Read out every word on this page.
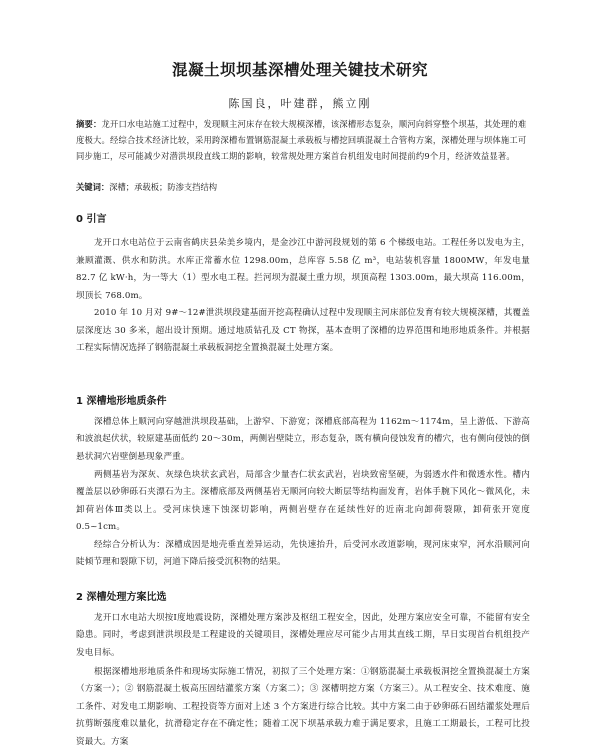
混凝土坝坝基深槽处理关键技术研究
陈国良，叶建群，熊立刚
摘要：龙开口水电站施工过程中，发现顺主河床存在较大规模深槽，该深槽形态复杂，顺河向斜穿整个坝基，其处理的难度极大。经综合技术经济比较，采用跨深槽布置钢筋混凝土承载板与槽挖回填混凝土合管构方案，深槽处理与坝体施工可同步施工，尽可能减少对潜洪坝段直线工期的影响，较常规处理方案首台机组发电时间提前约9个月，经济效益显著。
关键词：深槽；承载板；防渗支挡结构
0 引言
龙开口水电站位于云南省鹤庆县朵美乡境内，是金沙江中游河段规划的第 6 个梯级电站。工程任务以发电为主，兼顾灌溉、供水和防洪。水库正常蓄水位 1298.00m，总库容 5.58 亿 m³，电站装机容量 1800MW，年发电量 82.7 亿 kW·h，为一等大（1）型水电工程。拦河坝为混凝土重力坝，坝顶高程 1303.00m，最大坝高 116.00m，坝顶长 768.0m。
2010 年 10 月对 9#～12#泄洪坝段建基面开挖高程确认过程中发现顺主河床部位发育有较大规模深槽，其覆盖层深度达 30 多米，超出设计预期。通过地质钻孔及 CT 物探，基本查明了深槽的边界范围和地形地质条件。并根据工程实际情况选择了钢筋混凝土承载板洞挖全置换混凝土处理方案。
1 深槽地形地质条件
深槽总体上顺河向穿越泄洪坝段基础，上游窄、下游宽；深槽底部高程为 1162m～1174m，呈上游低、下游高和波浪起伏状，较原建基面低约 20～30m，两侧岩壁陡立，形态复杂，既有横向侵蚀发育的槽穴，也有侧向侵蚀的倒悬状洞穴岩壁倒悬现象严重。
两侧基岩为深灰、灰绿色块状玄武岩，局部含少量杏仁状玄武岩，岩块致密坚硬，为弱透水件和微透水性。槽内覆盖层以砂卵砾石夹漂石为主。深槽底部及两侧基岩无顺河向较大断层等结构面发育，岩体手腕下风化～微风化，未卸荷岩体Ⅲ类以上。受河床快速下蚀深切影响，两侧岩壁存在延续性好的近南北向卸荷裂隙，卸荷张开宽度 0.5~1cm。
经综合分析认为：深槽成因是地壳垂直差异运动，先快速抬升，后受河水改道影响，现河床束窄，河水沿顺河向陡倾节理和裂隙下切，河道下降后接受沉积物的结果。
2 深槽处理方案比选
龙开口水电站大坝按Ⅰ度地震设防，深槽处理方案涉及枢纽工程安全，因此，处理方案应安全可靠，不能留有安全隐患。同时，考虑到泄洪坝段是工程建设的关键项目，深槽处理应尽可能少占用其直线工期，早日实现首台机组投产发电目标。
根据深槽地形地质条件和现场实际施工情况，初拟了三个处理方案：①钢筋混凝土承载板洞挖全置换混凝土方案（方案一）；② 钢筋混凝土板高压固结灌浆方案（方案二）；③ 深槽明挖方案（方案三）。从工程安全、技术难度、施工条件、对发电工期影响、工程投资等方面对上述 3 个方案进行综合比较。其中方案二由于砂卵砾石固结灌浆处理后抗剪断强度难以量化，抗滑稳定存在不确定性；随着工况下坝基承载力难于满足要求，且施工工期最长，工程可比投资最大。方案
